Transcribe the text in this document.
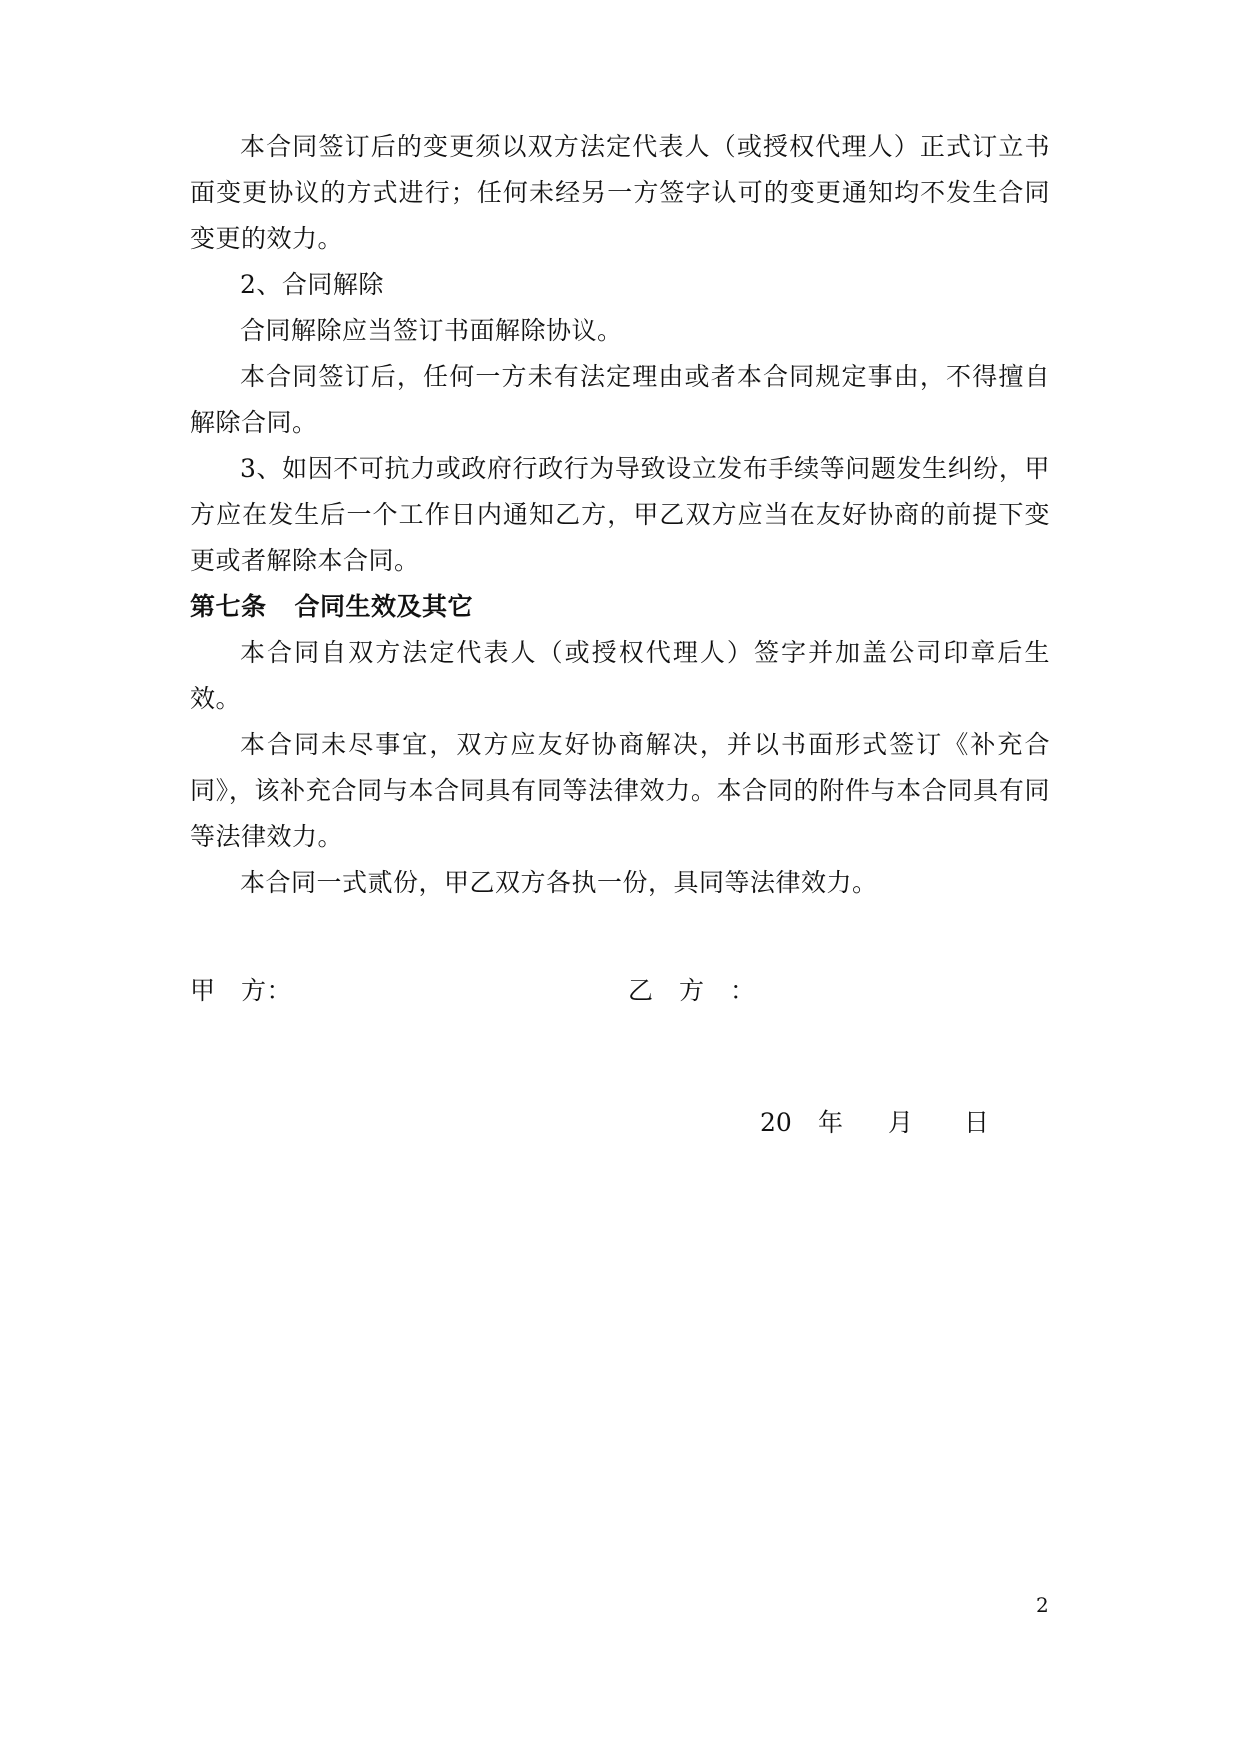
本合同签订后的变更须以双方法定代表人（或授权代理人）正式订立书面变更协议的方式进行；任何未经另一方签字认可的变更通知均不发生合同变更的效力。

2、合同解除

合同解除应当签订书面解除协议。

本合同签订后，任何一方未有法定理由或者本合同规定事由，不得擅自解除合同。

3、如因不可抗力或政府行政行为导致设立发布手续等问题发生纠纷，甲方应在发生后一个工作日内通知乙方，甲乙双方应当在友好协商的前提下变更或者解除本合同。

第七条 合同生效及其它

本合同自双方法定代表人（或授权代理人）签字并加盖公司印章后生效。

本合同未尽事宜，双方应友好协商解决，并以书面形式签订《补充合同》，该补充合同与本合同具有同等法律效力。本合同的附件与本合同具有同等法律效力。

本合同一式贰份，甲乙双方各执一份，具同等法律效力。

甲　方：	乙　方　：
20 年 月 日
2
